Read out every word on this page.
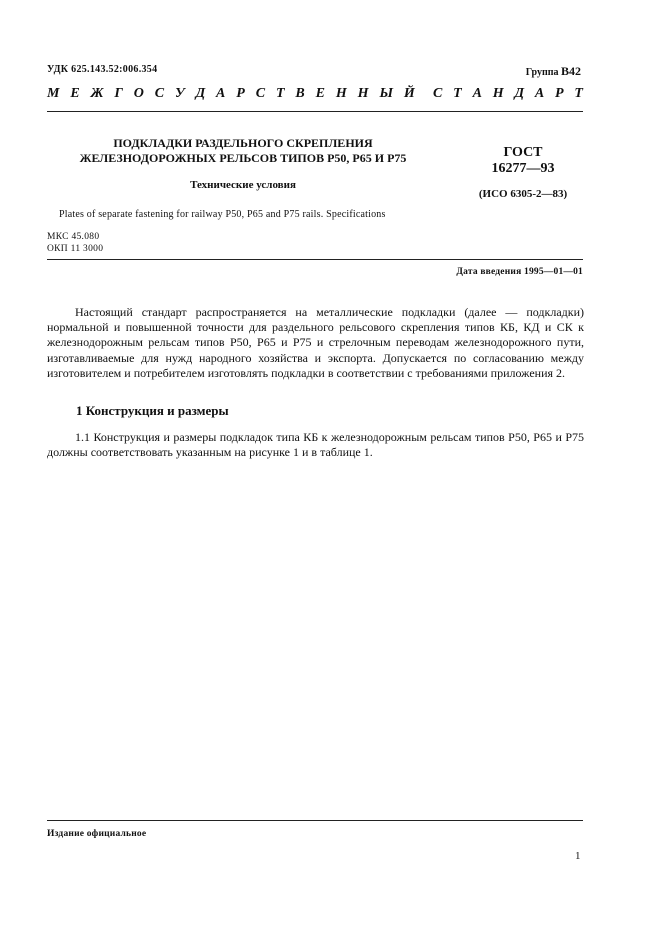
УДК 625.143.52:006.354	Группа B42
М Е Ж Г О С У Д А Р С Т В Е Н Н Ы Й С Т А Н Д А Р Т
ПОДКЛАДКИ РАЗДЕЛЬНОГО СКРЕПЛЕНИЯ
ЖЕЛЕЗНОДОРОЖНЫХ РЕЛЬСОВ ТИПОВ Р50, Р65 И Р75
Технические условия
ГОСТ
16277—93
(ИСО 6305-2—83)
Plates of separate fastening for railway P50, P65 and P75 rails. Specifications
МКС 45.080
ОКП 11 3000
Дата введения 1995—01—01
Настоящий стандарт распространяется на металлические подкладки (далее — подкладки) нормальной и повышенной точности для раздельного рельсового скрепления типов КБ, КД и СК к железнодорожным рельсам типов Р50, Р65 и Р75 и стрелочным переводам железнодорожного пути, изготавливаемые для нужд народного хозяйства и экспорта. Допускается по согласованию между изготовителем и потребителем изготовлять подкладки в соответствии с требованиями приложения 2.
1 Конструкция и размеры
1.1 Конструкция и размеры подкладок типа КБ к железнодорожным рельсам типов Р50, Р65 и Р75 должны соответствовать указанным на рисунке 1 и в таблице 1.
Издание официальное
1
